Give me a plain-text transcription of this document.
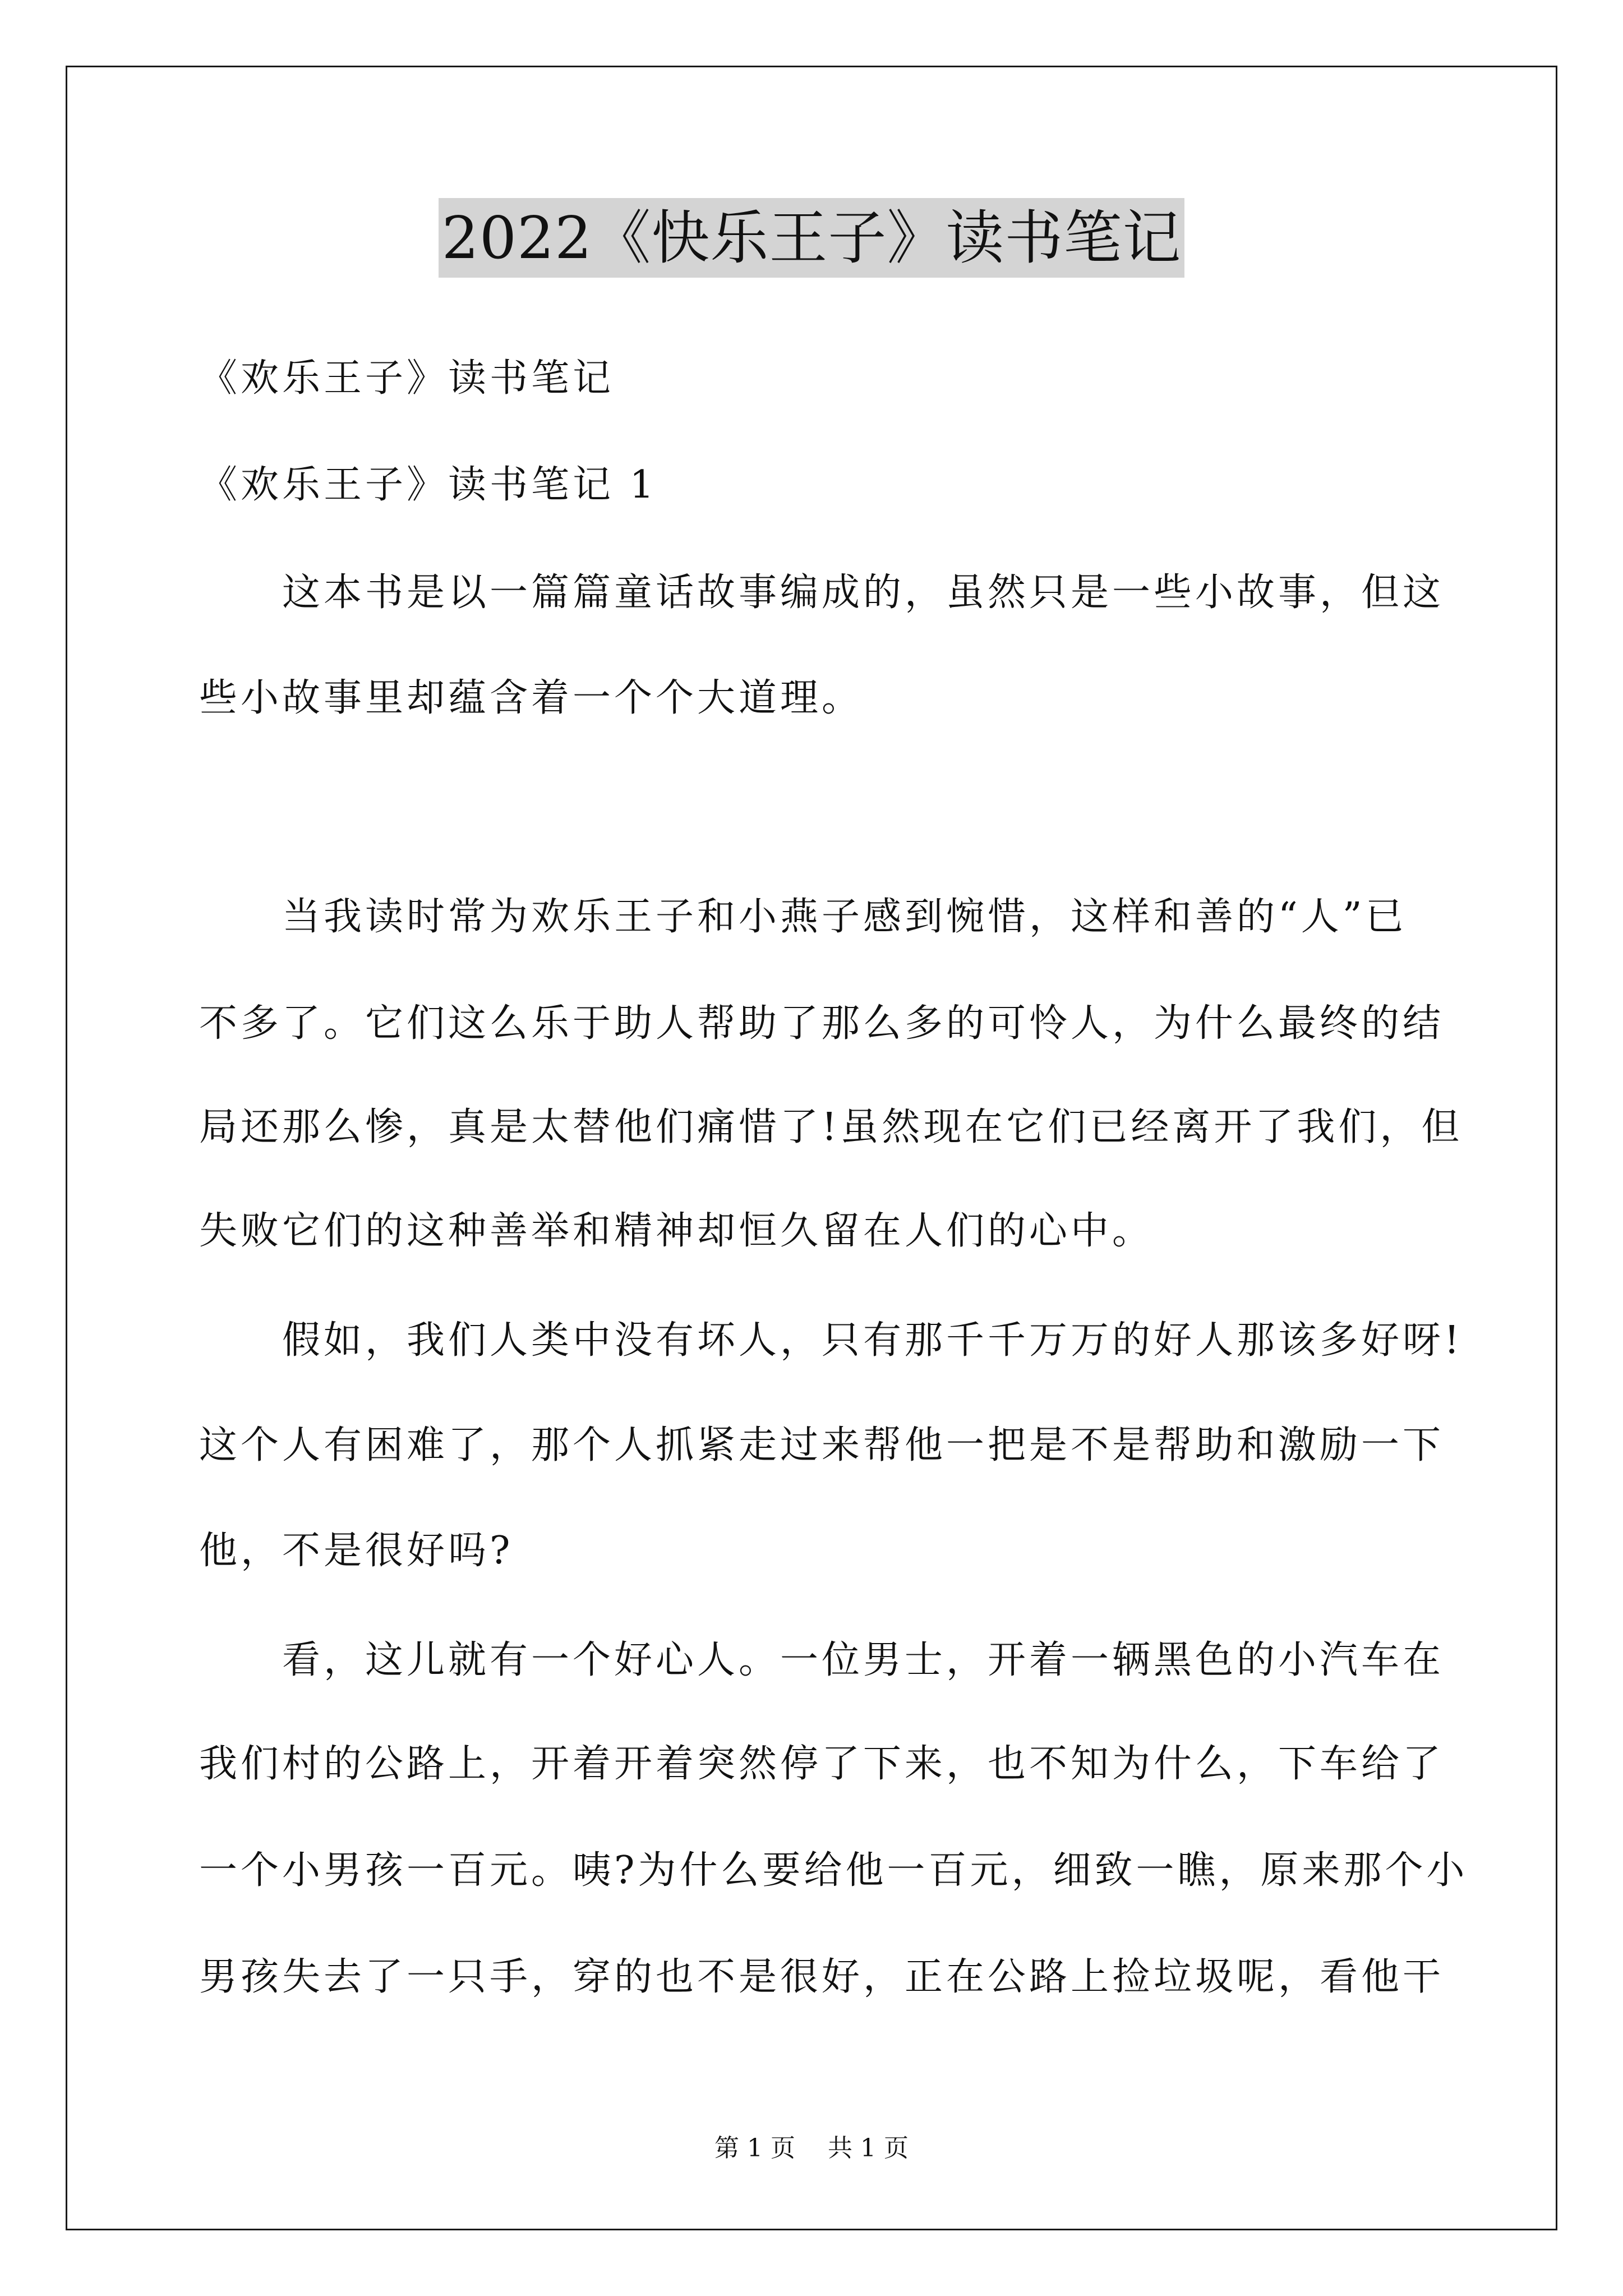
2022《快乐王子》读书笔记
《欢乐王子》读书笔记
《欢乐王子》读书笔记 1
　　这本书是以一篇篇童话故事编成的，虽然只是一些小故事，但这
些小故事里却蕴含着一个个大道理。
　　当我读时常为欢乐王子和小燕子感到惋惜，这样和善的“人”已
不多了。它们这么乐于助人帮助了那么多的可怜人，为什么最终的结
局还那么惨，真是太替他们痛惜了!虽然现在它们已经离开了我们，但
失败它们的这种善举和精神却恒久留在人们的心中。
　　假如，我们人类中没有坏人，只有那千千万万的好人那该多好呀!
这个人有困难了，那个人抓紧走过来帮他一把是不是帮助和激励一下
他，不是很好吗?
　　看，这儿就有一个好心人。一位男士，开着一辆黑色的小汽车在
我们村的公路上，开着开着突然停了下来，也不知为什么，下车给了
一个小男孩一百元。咦?为什么要给他一百元，细致一瞧，原来那个小
男孩失去了一只手，穿的也不是很好，正在公路上捡垃圾呢，看他干
第 1 页　 共 1 页
